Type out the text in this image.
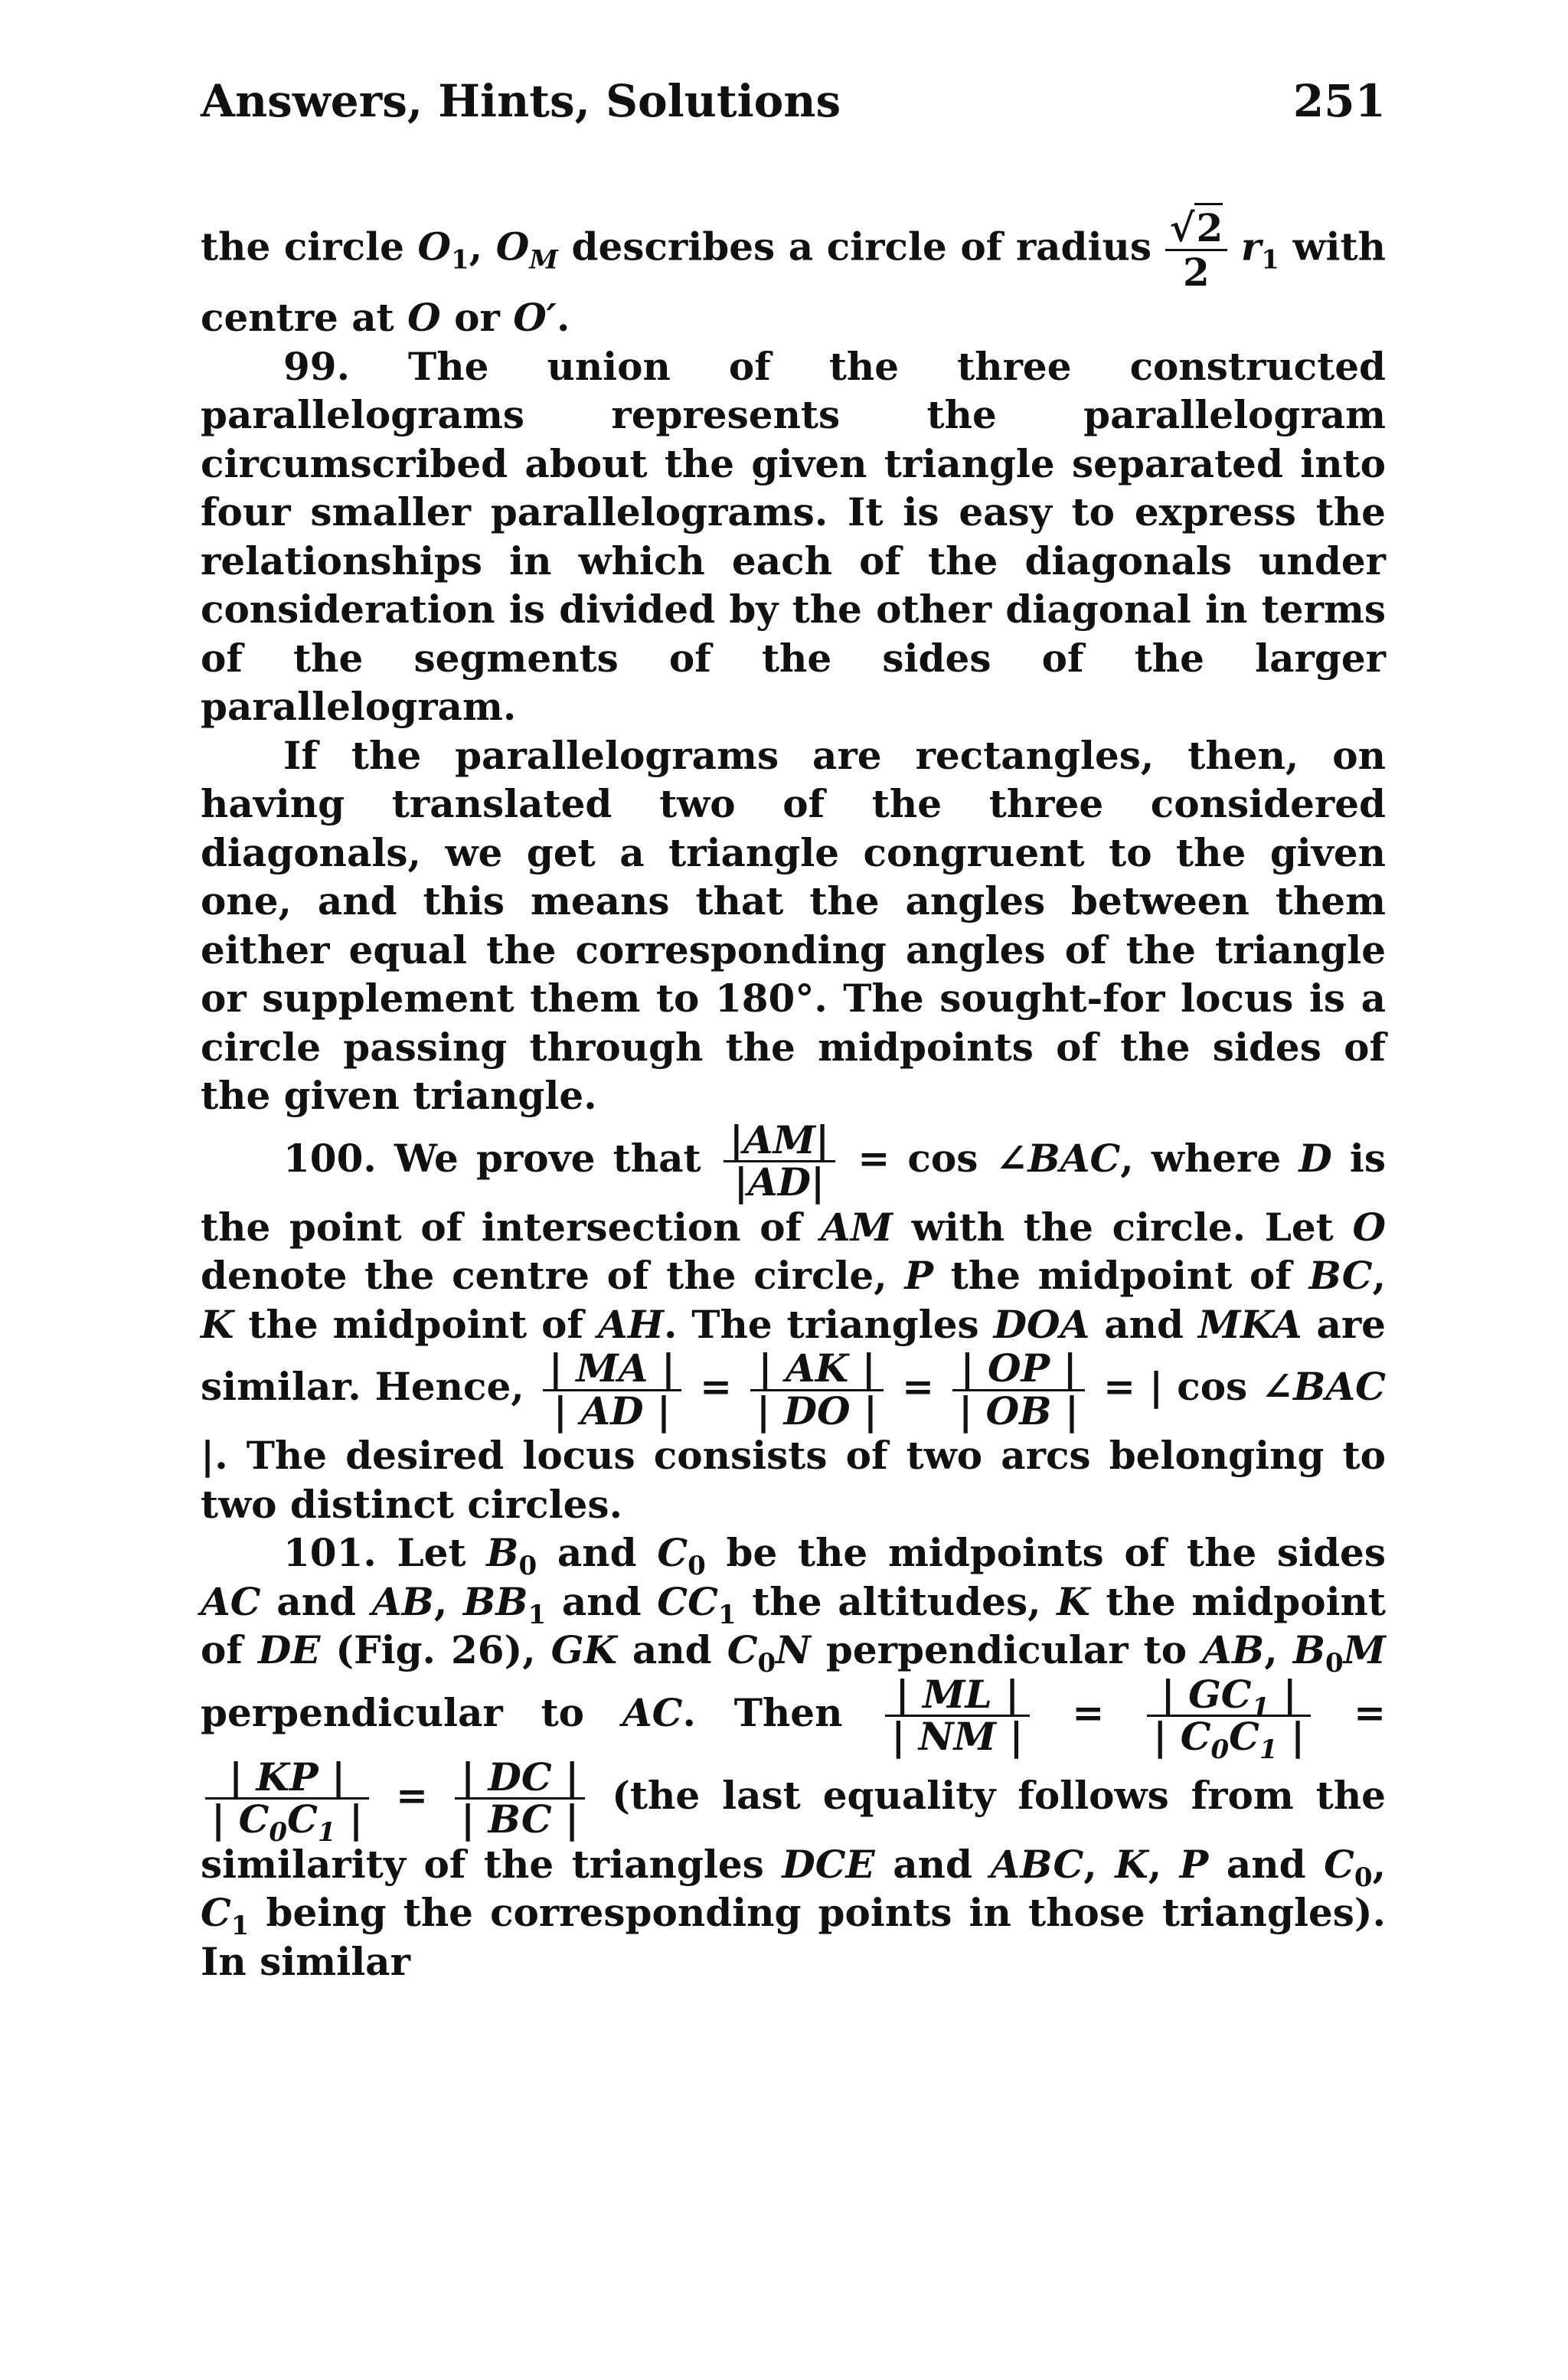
Answers, Hints, Solutions	251

the circle $O_1$, $O_M$ describes a circle of radius $\frac{√2}{2} r_1$ with centre at O or O′.

99. The union of the three constructed parallelograms represents the parallelogram circumscribed about the given triangle separated into four smaller parallelograms. It is easy to express the relationships in which each of the diagonals under consideration is divided by the other diagonal in terms of the segments of the sides of the larger parallelogram.

If the parallelograms are rectangles, then, on having translated two of the three considered diagonals, we get a triangle congruent to the given one, and this means that the angles between them either equal the corresponding angles of the triangle or supplement them to 180°. The sought-for locus is a circle passing through the midpoints of the sides of the given triangle.

100. We prove that $\frac{|AM|}{|AD|} = \cos$ ∠BAC, where D is the point of intersection of AM with the circle. Let O denote the centre of the circle, P the midpoint of BC, K the midpoint of AH. The triangles DOA and MKA are similar. Hence, $\frac{| MA |}{| AD |} = \frac{| AK |}{| DO |} = \frac{| OP |}{| OB |}$ = | cos ∠BAC |. The desired locus consists of two arcs belonging to two distinct circles.

101. Let $B_0$ and $C_0$ be the midpoints of the sides AC and AB, $BB_1$ and $CC_1$ the altitudes, K the midpoint of DE (Fig. 26), GK and $C_0N$ perpendicular to AB, $B_0M$ perpendicular to AC. Then $\frac{| ML |}{| NM |} = \frac{| GC_1 |}{| C_0C_1 |}$ =
$\frac{| KP |}{| C_0C_1 |} = \frac{| DC |}{| BC |} (the$ last equality follows from the similarity of the triangles DCE and ABC, K, P and $C_0$, $C_1$ being the corresponding points in those triangles). In similar
